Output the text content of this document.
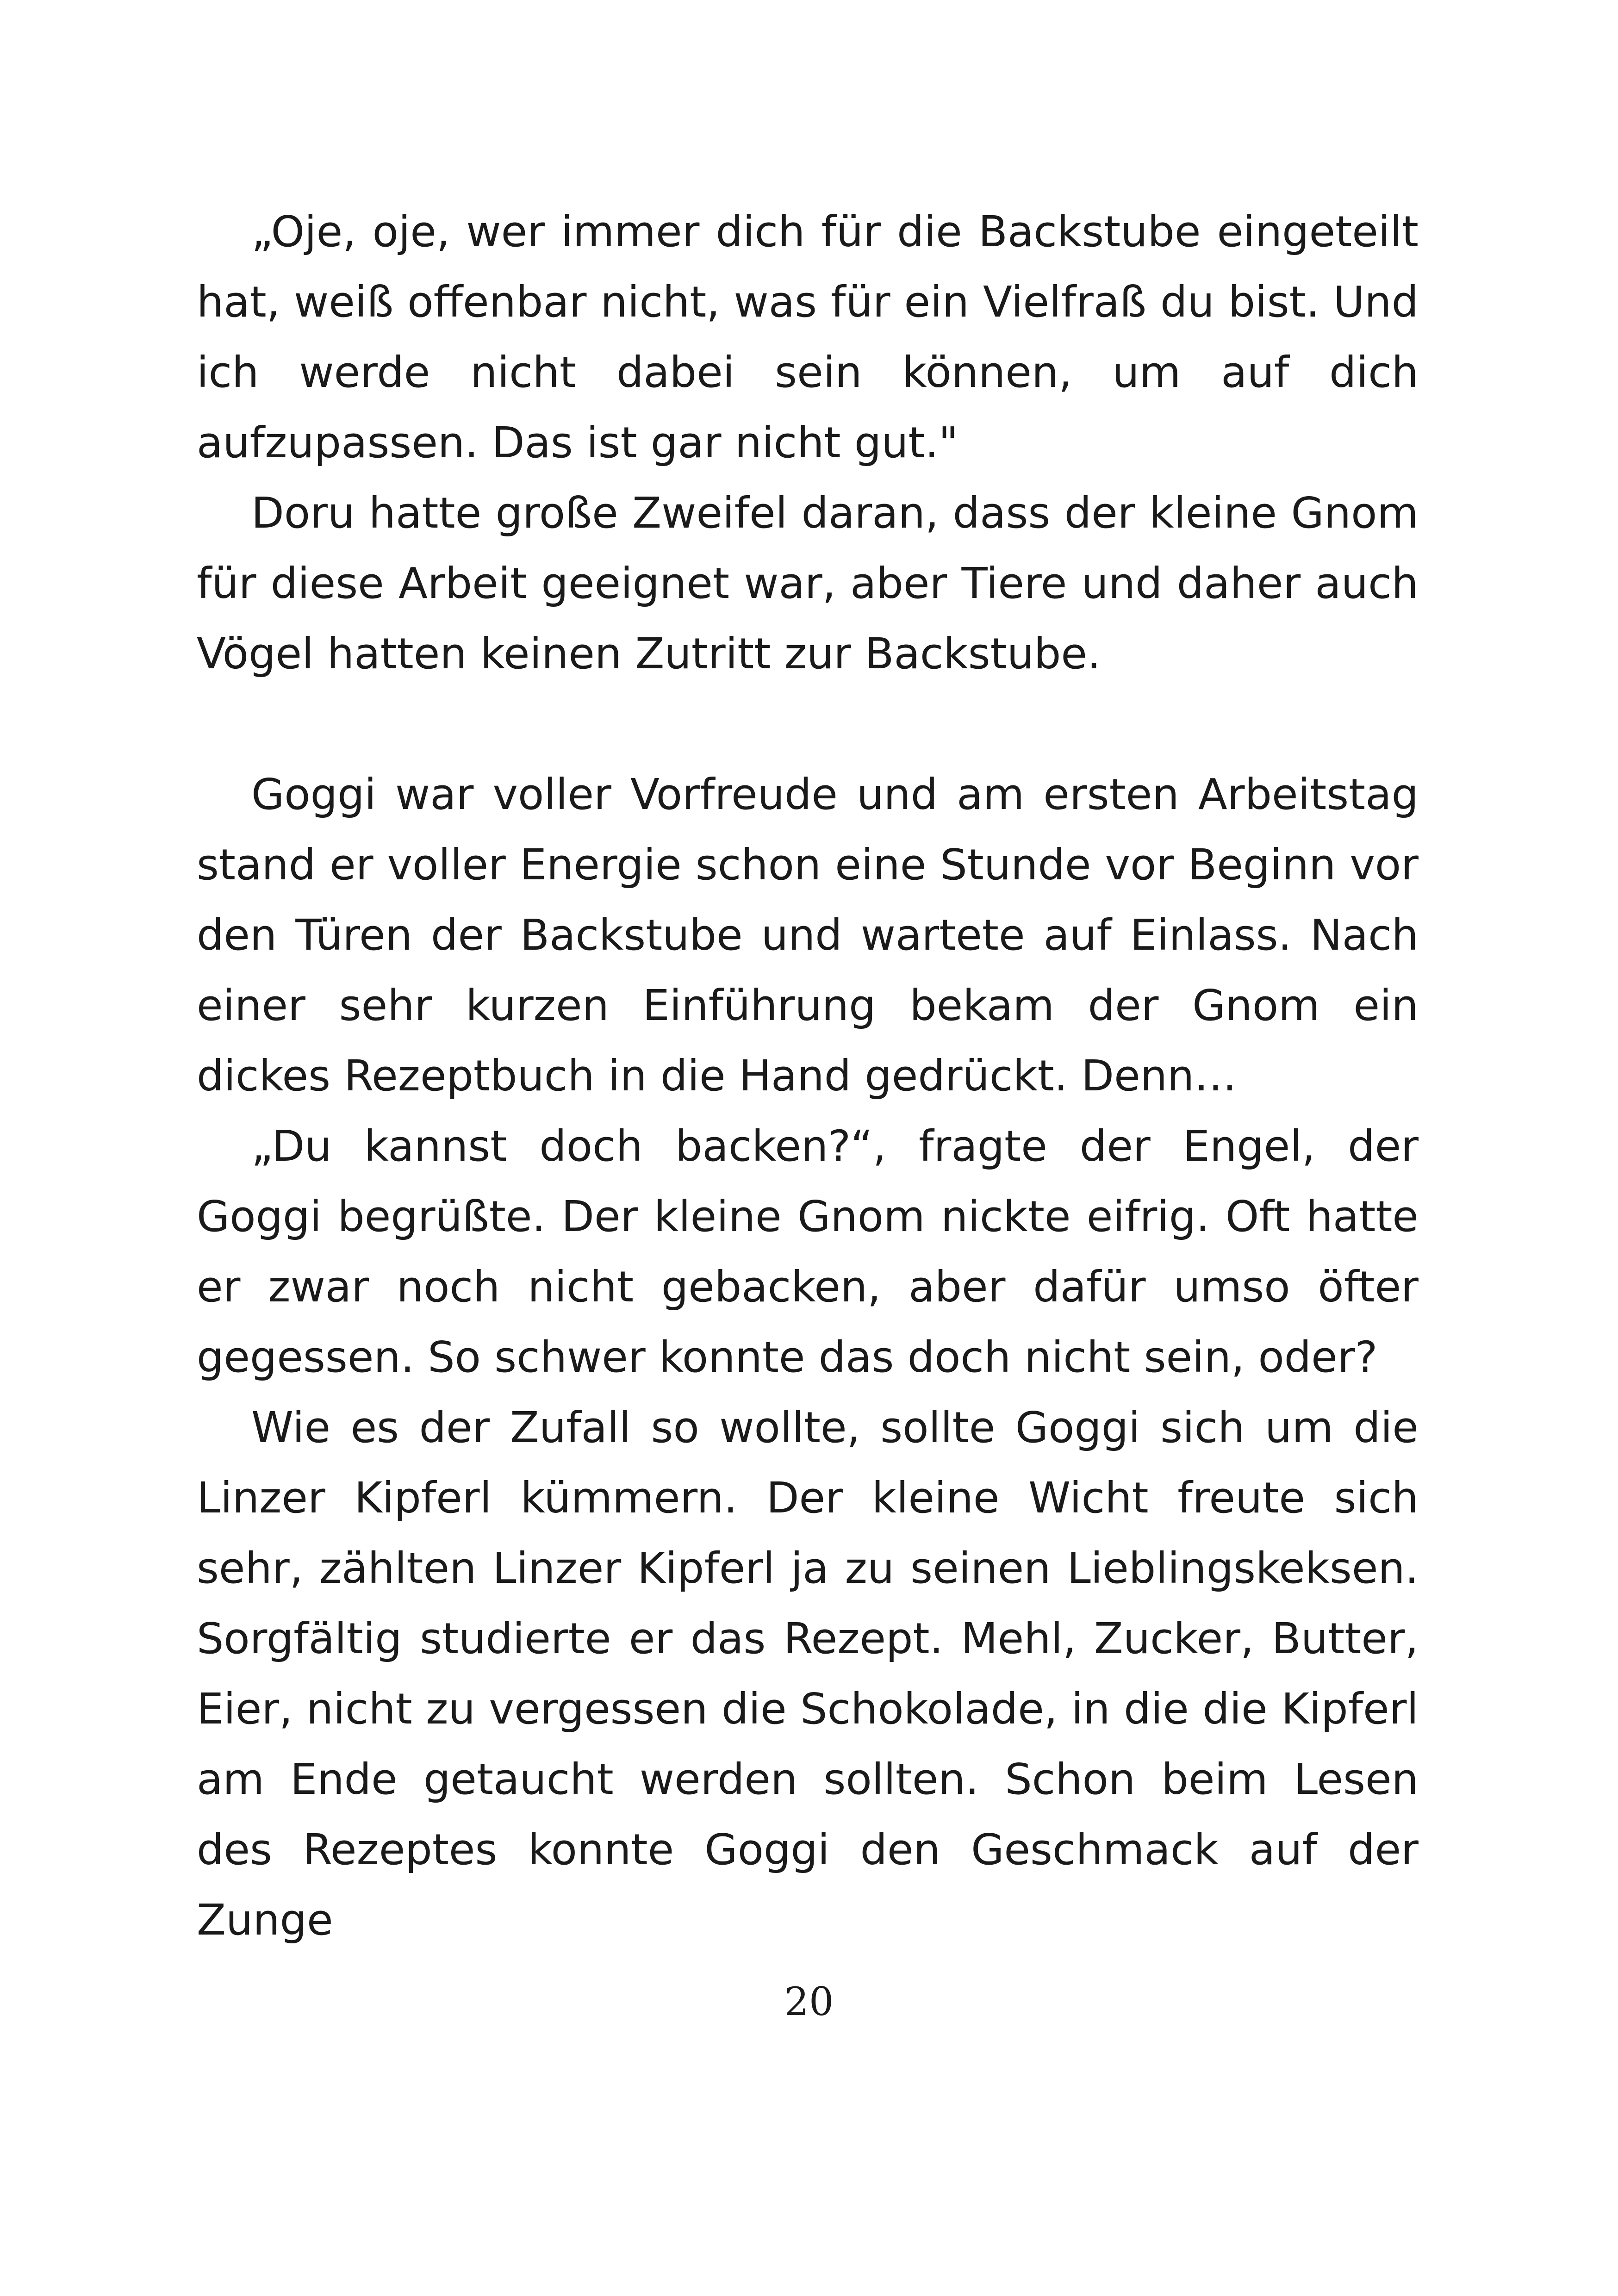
„Oje, oje, wer immer dich für die Backstube eingeteilt hat, weiß offenbar nicht, was für ein Vielfraß du bist. Und ich werde nicht dabei sein können, um auf dich aufzupassen. Das ist gar nicht gut."

Doru hatte große Zweifel daran, dass der kleine Gnom für diese Arbeit geeignet war, aber Tiere und daher auch Vögel hatten keinen Zutritt zur Backstube.

Goggi war voller Vorfreude und am ersten Arbeitstag stand er voller Energie schon eine Stunde vor Beginn vor den Türen der Backstube und wartete auf Einlass. Nach einer sehr kurzen Einführung bekam der Gnom ein dickes Rezeptbuch in die Hand gedrückt. Denn…

„Du kannst doch backen?“, fragte der Engel, der Goggi begrüßte. Der kleine Gnom nickte eifrig. Oft hatte er zwar noch nicht gebacken, aber dafür umso öfter gegessen. So schwer konnte das doch nicht sein, oder?

Wie es der Zufall so wollte, sollte Goggi sich um die Linzer Kipferl kümmern. Der kleine Wicht freute sich sehr, zählten Linzer Kipferl ja zu seinen Lieblingskeksen. Sorgfältig studierte er das Rezept. Mehl, Zucker, Butter, Eier, nicht zu vergessen die Schokolade, in die die Kipferl am Ende getaucht werden sollten. Schon beim Lesen des Rezeptes konnte Goggi den Geschmack auf der Zunge

20
